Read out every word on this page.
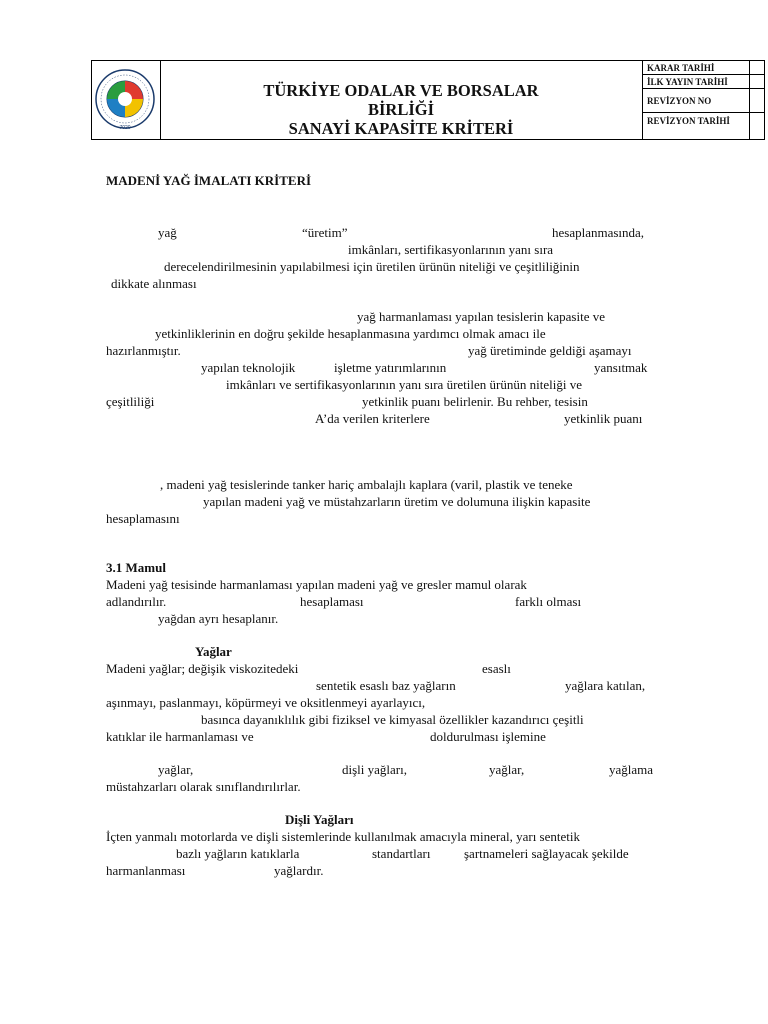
7020
TÜRKİYE ODALAR VE BORSALAR
BİRLİĞİ
SANAYİ KAPASİTE KRİTERİ
KARAR TARİHİ
İLK YAYIN TARİHİ
REVİZYON NO
REVİZYON TARİHİ
MADENİ YAĞ İMALATI KRİTERİ
yağ	“üretim”	hesaplanmasında,
imkânları, sertifikasyonlarının yanı sıra
derecelendirilmesinin yapılabilmesi için üretilen ürünün niteliği ve çeşitliliğinin
dikkate alınması
yağ harmanlaması yapılan tesislerin kapasite ve
yetkinliklerinin en doğru şekilde hesaplanmasına yardımcı olmak amacı ile
hazırlanmıştır.	yağ üretiminde geldiği aşamayı
yapılan teknolojik	işletme yatırımlarının	yansıtmak
imkânları ve sertifikasyonlarının yanı sıra üretilen ürünün niteliği ve
çeşitliliği	yetkinlik puanı belirlenir. Bu rehber, tesisin
A’da verilen kriterlere	yetkinlik puanı
, madeni yağ tesislerinde tanker hariç ambalajlı kaplara (varil, plastik ve teneke
yapılan madeni yağ ve müstahzarların üretim ve dolumuna ilişkin kapasite
hesaplamasını
3.1 Mamul
Madeni yağ tesisinde harmanlaması yapılan madeni yağ ve gresler mamul olarak
adlandırılır.	hesaplaması	farklı olması
yağdan ayrı hesaplanır.
Yağlar
Madeni yağlar; değişik viskozitedeki	esaslı
sentetik esaslı baz yağların	yağlara katılan,
aşınmayı, paslanmayı, köpürmeyi ve oksitlenmeyi ayarlayıcı,
basınca dayanıklılık gibi fiziksel ve kimyasal özellikler kazandırıcı çeşitli
katıklar ile harmanlaması ve	doldurulması işlemine
yağlar,	dişli yağları,	yağlar,	yağlama
müstahzarları olarak sınıflandırılırlar.
Dişli Yağları
İçten yanmalı motorlarda ve dişli sistemlerinde kullanılmak amacıyla mineral, yarı sentetik
bazlı yağların katıklarla	standartları	şartnameleri sağlayacak şekilde
harmanlanması	yağlardır.
